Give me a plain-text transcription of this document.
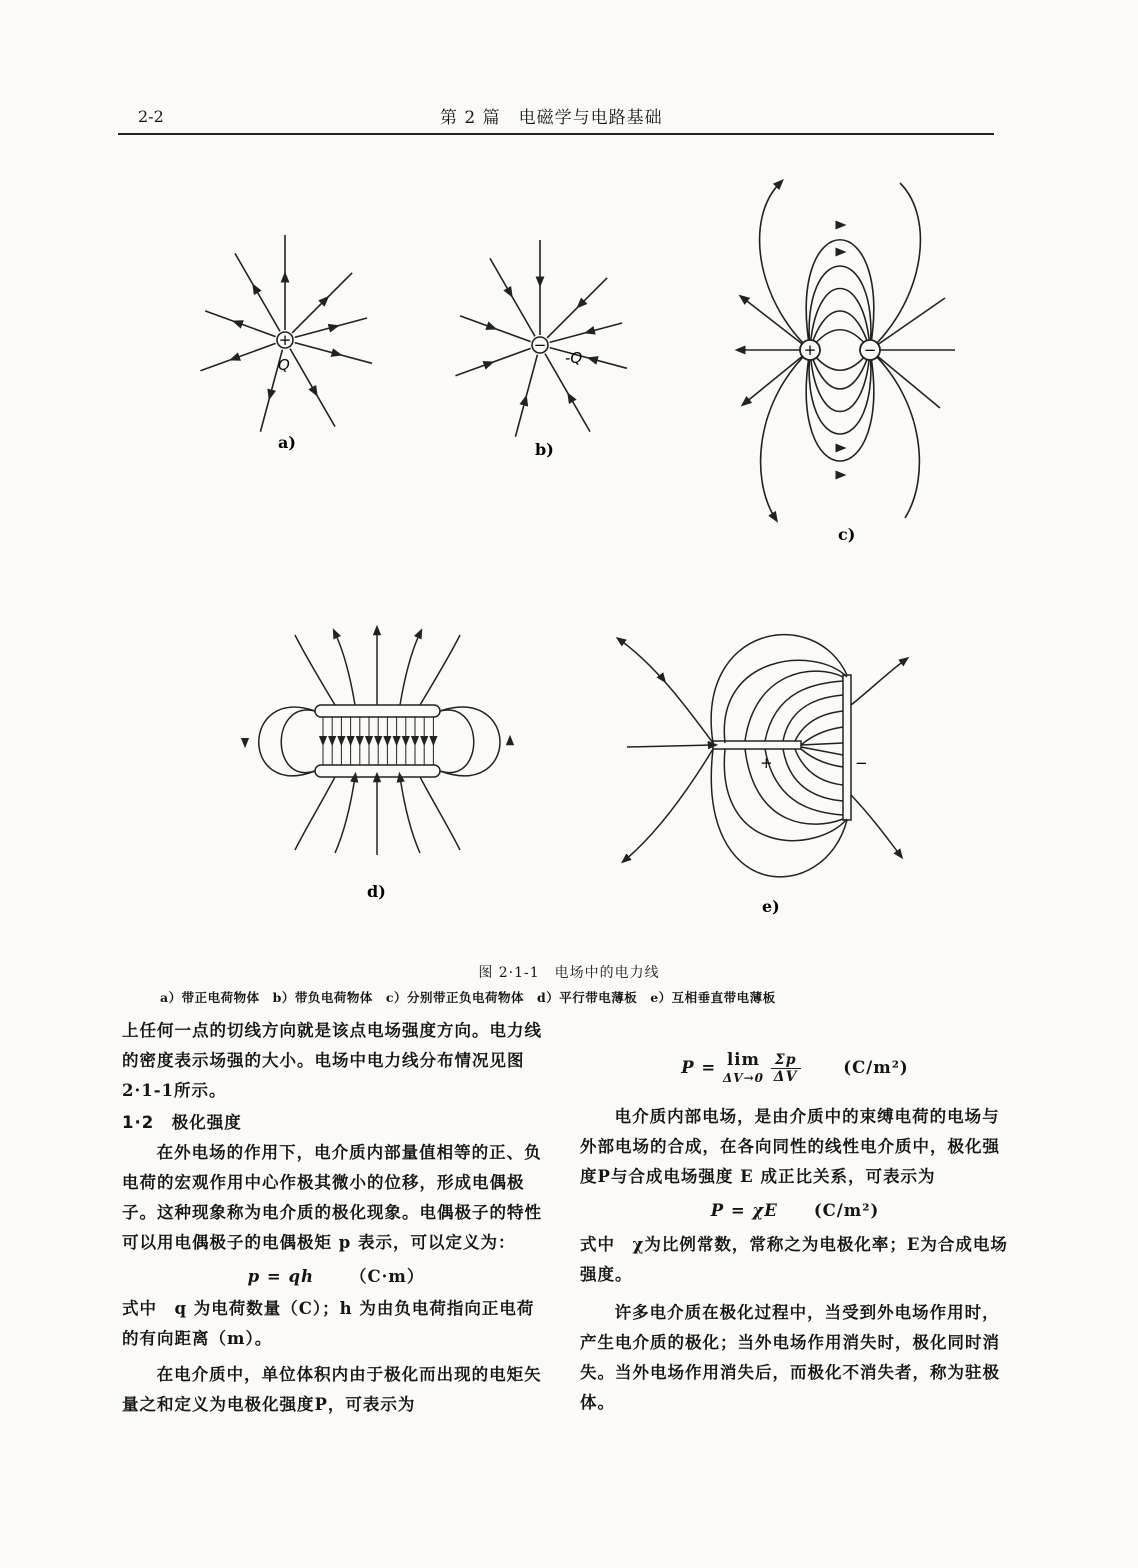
2-2	第 2 篇　电磁学与电路基础
+
Q
a)
−
-Q
b)
+	−
c)
d)
+	−
e)
图 2·1-1　电场中的电力线
a）带正电荷物体　b）带负电荷物体　c）分别带正负电荷物体　d）平行带电薄板　e）互相垂直带电薄板

上任何一点的切线方向就是该点电场强度方向。电力线的密度表示场强的大小。电场中电力线分布情况见图2·1-1所示。

1·2　极化强度

在外电场的作用下，电介质内部量值相等的正、负电荷的宏观作用中心作极其微小的位移，形成电偶极子。这种现象称为电介质的极化现象。电偶极子的特性可以用电偶极子的电偶极矩 p 表示，可以定义为：

p = qh （C·m）

式中　q 为电荷数量（C）；h 为由负电荷指向正电荷的有向距离（m）。

在电介质中，单位体积内由于极化而出现的电矩矢量之和定义为电极化强度P，可表示为

P = lim
ΔV→0
$\frac{\Sigma p}{\Delta V}$	(C/m²)

电介质内部电场，是由介质中的束缚电荷的电场与外部电场的合成，在各向同性的线性电介质中，极化强度P与合成电场强度 E 成正比关系，可表示为

P = χE (C/m²)

式中　χ为比例常数，常称之为电极化率；E为合成电场强度。

许多电介质在极化过程中，当受到外电场作用时，产生电介质的极化；当外电场作用消失时，极化同时消失。当外电场作用消失后，而极化不消失者，称为驻极体。
